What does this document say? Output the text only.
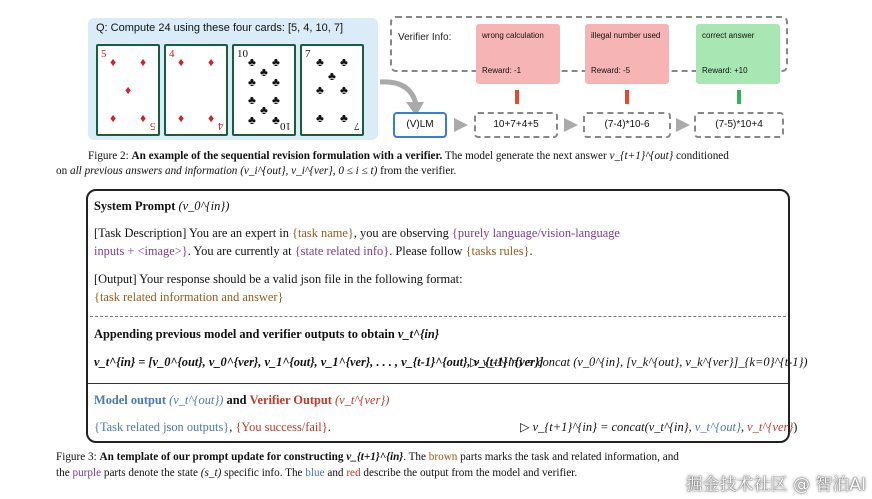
Q: Compute 24 using these four cards: [5, 4, 10, 7]
5
5
♦ ♦
♦
♦ ♦
4
4
♦ ♦
♦ ♦
10
10
♣ ♣
♣
♣ ♣
♣ ♣
♣
♣ ♣
7
7
♣ ♣
♣
♣ ♣
♣ ♣
Verifier Info:	wrong calculation
Reward: -1
illegal number used
Reward: -5
correct answer
Reward: +10
(V)LM	10+7+4+5	(7-4)*10-6	(7-5)*10+4
Figure 2: An example of the sequential revision formulation with a verifier. The model generate the next answer v_{t+1}^{out} conditioned
on all previous answers and information (v_i^{out}, v_i^{ver}, 0 ≤ i ≤ t) from the verifier.
System Prompt (v_0^{in})
[Task Description] You are an expert in {task name}, you are observing {purely language/vision-language
inputs + <image>}. You are currently at {state related info}. Please follow {tasks rules}.
[Output] Your response should be a valid json file in the following format:
{task related information and answer}
Appending previous model and verifier outputs to obtain v_t^{in}
v_t^{in} = [v_0^{out}, v_0^{ver}, v_1^{out}, v_1^{ver}, . . . , v_{t-1}^{out}, v_{t-1}^{ver}]
▷ v_t^{in} = concat (v_0^{in}, [v_k^{out}, v_k^{ver}]_{k=0}^{t-1})
Model output (v_t^{out}) and Verifier Output (v_t^{ver})
{Task related json outputs}, {You success/fail}.	▷ v_{t+1}^{in} = concat(v_t^{in}, v_t^{out}, v_t^{ver})
Figure 3: An template of our prompt update for constructing v_{t+1}^{in}. The brown parts marks the task and related information, and
the purple parts denote the state (s_t) specific info. The blue and red describe the output from the model and verifier.
掘金技术社区 @ 智泊AI
